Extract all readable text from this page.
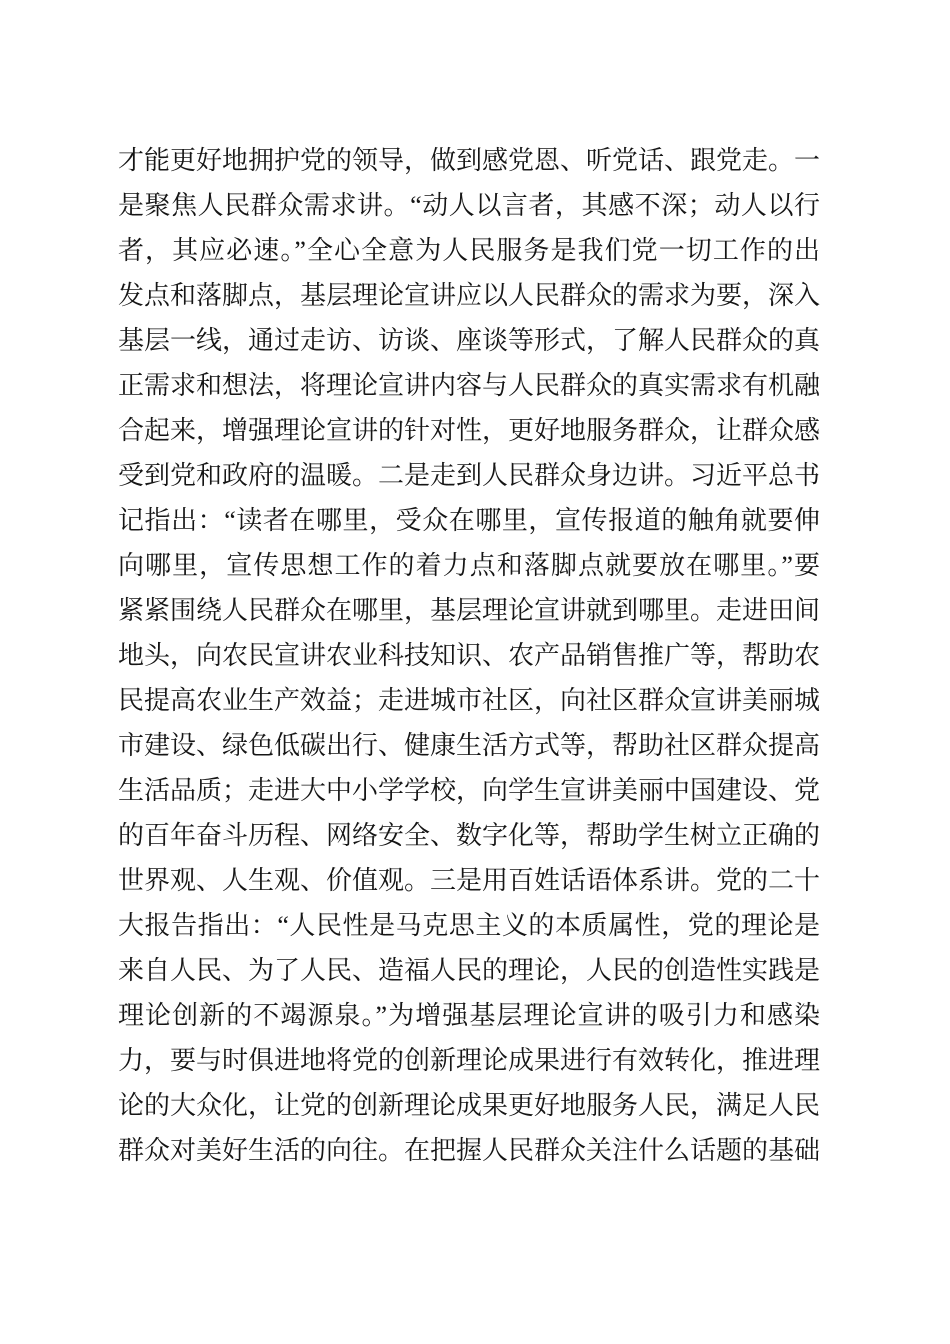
才能更好地拥护党的领导，做到感党恩、听党话、跟党走。一
是聚焦人民群众需求讲。“动人以言者，其感不深；动人以行
者，其应必速。”全心全意为人民服务是我们党一切工作的出
发点和落脚点，基层理论宣讲应以人民群众的需求为要，深入
基层一线，通过走访、访谈、座谈等形式，了解人民群众的真
正需求和想法，将理论宣讲内容与人民群众的真实需求有机融
合起来，增强理论宣讲的针对性，更好地服务群众，让群众感
受到党和政府的温暖。二是走到人民群众身边讲。习近平总书
记指出：“读者在哪里，受众在哪里，宣传报道的触角就要伸
向哪里，宣传思想工作的着力点和落脚点就要放在哪里。”要
紧紧围绕人民群众在哪里，基层理论宣讲就到哪里。走进田间
地头，向农民宣讲农业科技知识、农产品销售推广等，帮助农
民提高农业生产效益；走进城市社区，向社区群众宣讲美丽城
市建设、绿色低碳出行、健康生活方式等，帮助社区群众提高
生活品质；走进大中小学学校，向学生宣讲美丽中国建设、党
的百年奋斗历程、网络安全、数字化等，帮助学生树立正确的
世界观、人生观、价值观。三是用百姓话语体系讲。党的二十
大报告指出：“人民性是马克思主义的本质属性，党的理论是
来自人民、为了人民、造福人民的理论，人民的创造性实践是
理论创新的不竭源泉。”为增强基层理论宣讲的吸引力和感染
力，要与时俱进地将党的创新理论成果进行有效转化，推进理
论的大众化，让党的创新理论成果更好地服务人民，满足人民
群众对美好生活的向往。在把握人民群众关注什么话题的基础
